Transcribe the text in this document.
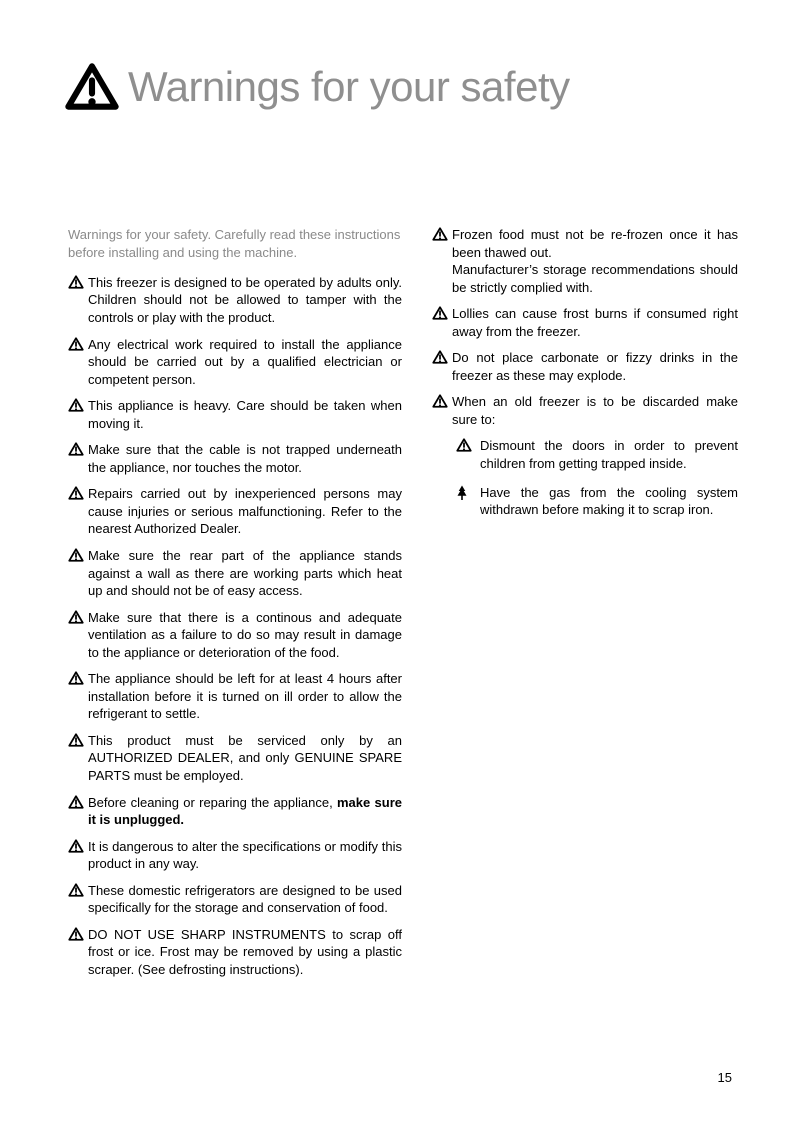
Warnings for your safety

Warnings for your safety. Carefully read these instructions before installing and using the machine.

This freezer is designed to be operated by adults only. Children should not be allowed to tamper with the controls or play with the product.
Any electrical work required to install the appliance should be carried out by a qualified electrician or competent person.
This appliance is heavy. Care should be taken when moving it.
Make sure that the cable is not trapped underneath the appliance, nor touches the motor.
Repairs carried out by inexperienced persons may cause injuries or serious malfunctioning. Refer to the nearest Authorized Dealer.
Make sure the rear part of the appliance stands against a wall as there are working parts which heat up and should not be of easy access.
Make sure that there is a continous and adequate ventilation as a failure to do so may result in damage to the appliance or deterioration of the food.
The appliance should be left for at least 4 hours after installation before it is turned on ill order to allow the refrigerant to settle.
This product must be serviced only by an AUTHORIZED DEALER, and only GENUINE SPARE PARTS must be employed.
Before cleaning or reparing the appliance, make sure it is unplugged.
It is dangerous to alter the specifications or modify this product in any way.
These domestic refrigerators are designed to be used specifically for the storage and conservation of food.
DO NOT USE SHARP INSTRUMENTS to scrap off frost or ice. Frost may be removed by using a plastic scraper. (See defrosting instructions).
Frozen food must not be re-frozen once it has been thawed out.
Manufacturer’s storage recommendations should be strictly complied with.
Lollies can cause frost burns if consumed right away from the freezer.
Do not place carbonate or fizzy drinks in the freezer as these may explode.
When an old freezer is to be discarded make sure to:
Dismount the doors in order to prevent children from getting trapped inside.
Have the gas from the cooling system withdrawn before making it to scrap iron.
15
